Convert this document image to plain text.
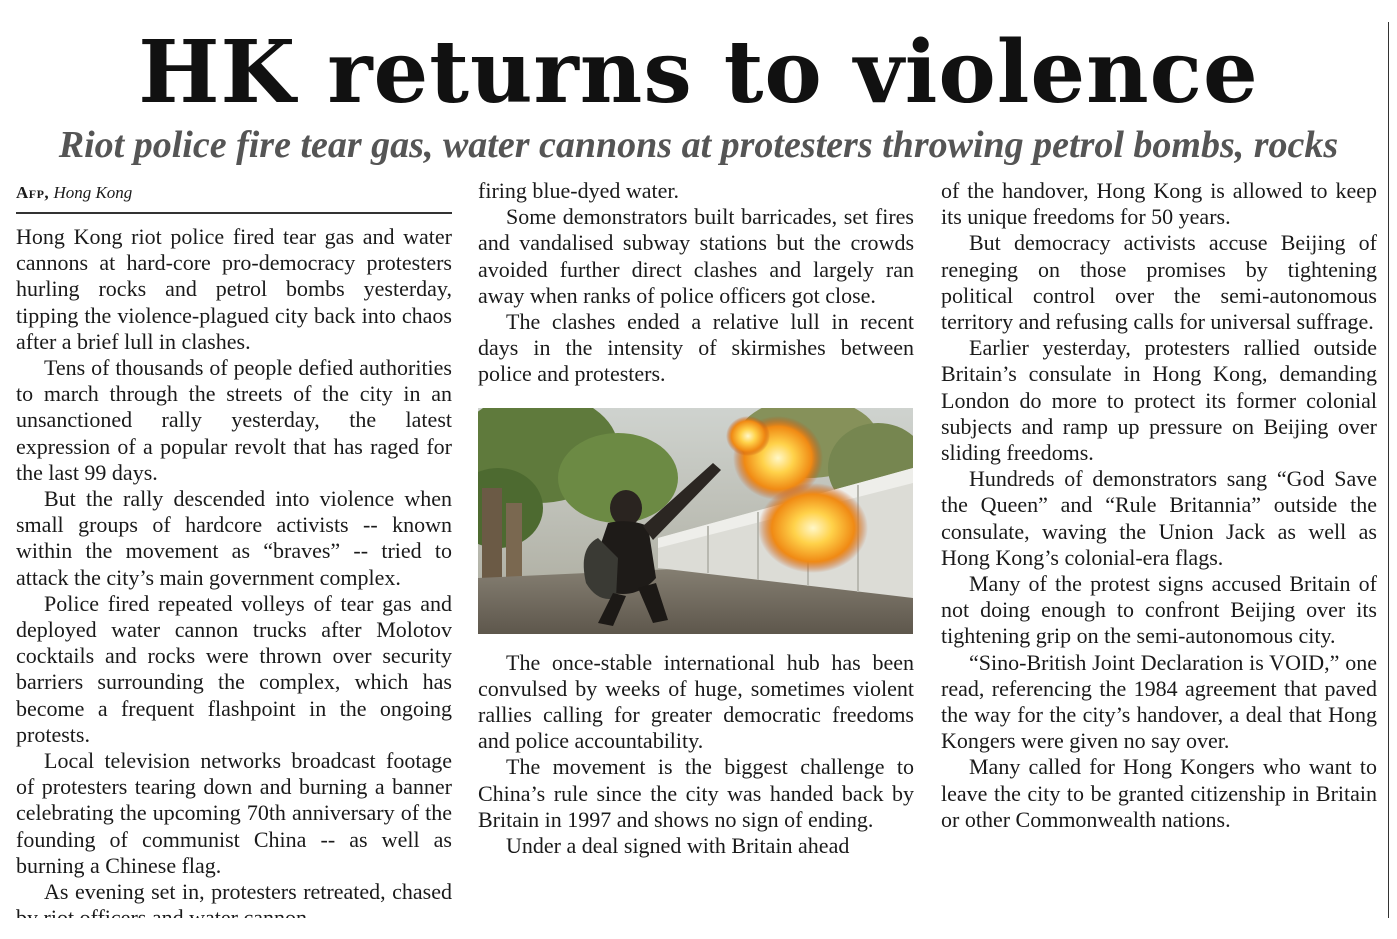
HK returns to violence
Riot police fire tear gas, water cannons at protesters throwing petrol bombs, rocks
Afp, Hong Kong

Hong Kong riot police fired tear gas and water cannons at hard-core pro-democracy protesters hurling rocks and petrol bombs yesterday, tipping the violence-plagued city back into chaos after a brief lull in clashes.

Tens of thousands of people defied authorities to march through the streets of the city in an unsanctioned rally yesterday, the latest expression of a popular revolt that has raged for the last 99 days.

But the rally descended into violence when small groups of hardcore activists -- known within the movement as “braves” -- tried to attack the city’s main government complex.

Police fired repeated volleys of tear gas and deployed water cannon trucks after Molotov cocktails and rocks were thrown over security barriers surrounding the complex, which has become a frequent flashpoint in the ongoing protests.

Local television networks broadcast footage of protesters tearing down and burning a banner celebrating the upcoming 70th anniversary of the founding of communist China -- as well as burning a Chinese flag.

As evening set in, protesters retreated, chased

firing blue-dyed water.

Some demonstrators built barricades, set fires and vandalised subway stations but the crowds avoided further direct clashes and largely ran away when ranks of police officers got close.

The clashes ended a relative lull in recent days in the intensity of skirmishes between police and protesters.

The once-stable international hub has been convulsed by weeks of huge, sometimes violent rallies calling for greater democratic freedoms and police accountability.

The movement is the biggest challenge to China’s rule since the city was handed back by Britain in 1997 and shows no sign of ending.

Under a deal signed with Britain ahead

of the handover, Hong Kong is allowed to keep its unique freedoms for 50 years.

But democracy activists accuse Beijing of reneging on those promises by tightening political control over the semi-autonomous territory and refusing calls for universal suffrage.

Earlier yesterday, protesters rallied outside Britain’s consulate in Hong Kong, demanding London do more to protect its former colonial subjects and ramp up pressure on Beijing over sliding freedoms.

Hundreds of demonstrators sang “God Save the Queen” and “Rule Britannia” outside the consulate, waving the Union Jack as well as Hong Kong’s colonial-era flags.

Many of the protest signs accused Britain of not doing enough to confront Beijing over its tightening grip on the semi-autonomous city.

“Sino-British Joint Declaration is VOID,” one read, referencing the 1984 agreement that paved the way for the city’s handover, a deal that Hong Kongers were given no say over.

Many called for Hong Kongers who want to leave the city to be granted citizenship in Britain or other Commonwealth nations.
